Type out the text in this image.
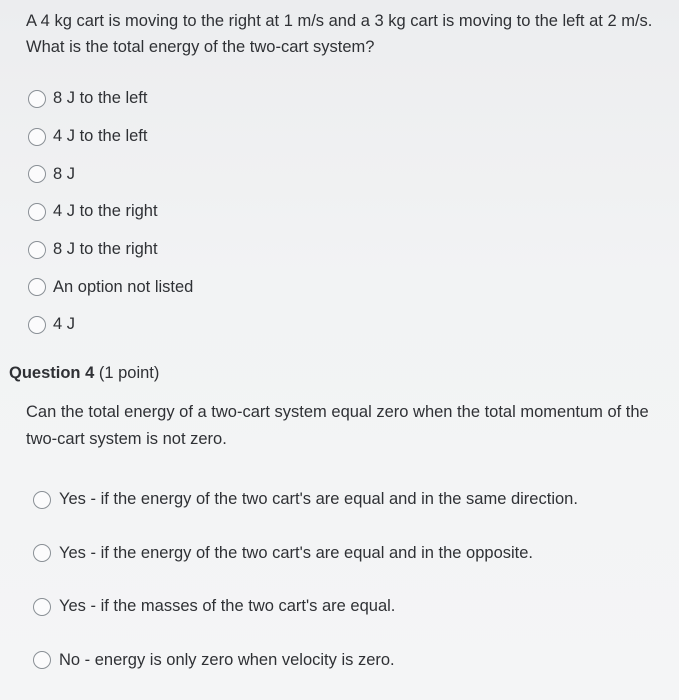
A 4 kg cart is moving to the right at 1 m/s and a 3 kg cart is moving to the left at 2 m/s. What is the total energy of the two-cart system?
8 J to the left
4 J to the left
8 J
4 J to the right
8 J to the right
An option not listed
4 J
Question 4 (1 point)
Can the total energy of a two-cart system equal zero when the total momentum of the two-cart system is not zero.
Yes - if the energy of the two cart's are equal and in the same direction.
Yes - if the energy of the two cart's are equal and in the opposite.
Yes - if the masses of the two cart's are equal.
No - energy is only zero when velocity is zero.
